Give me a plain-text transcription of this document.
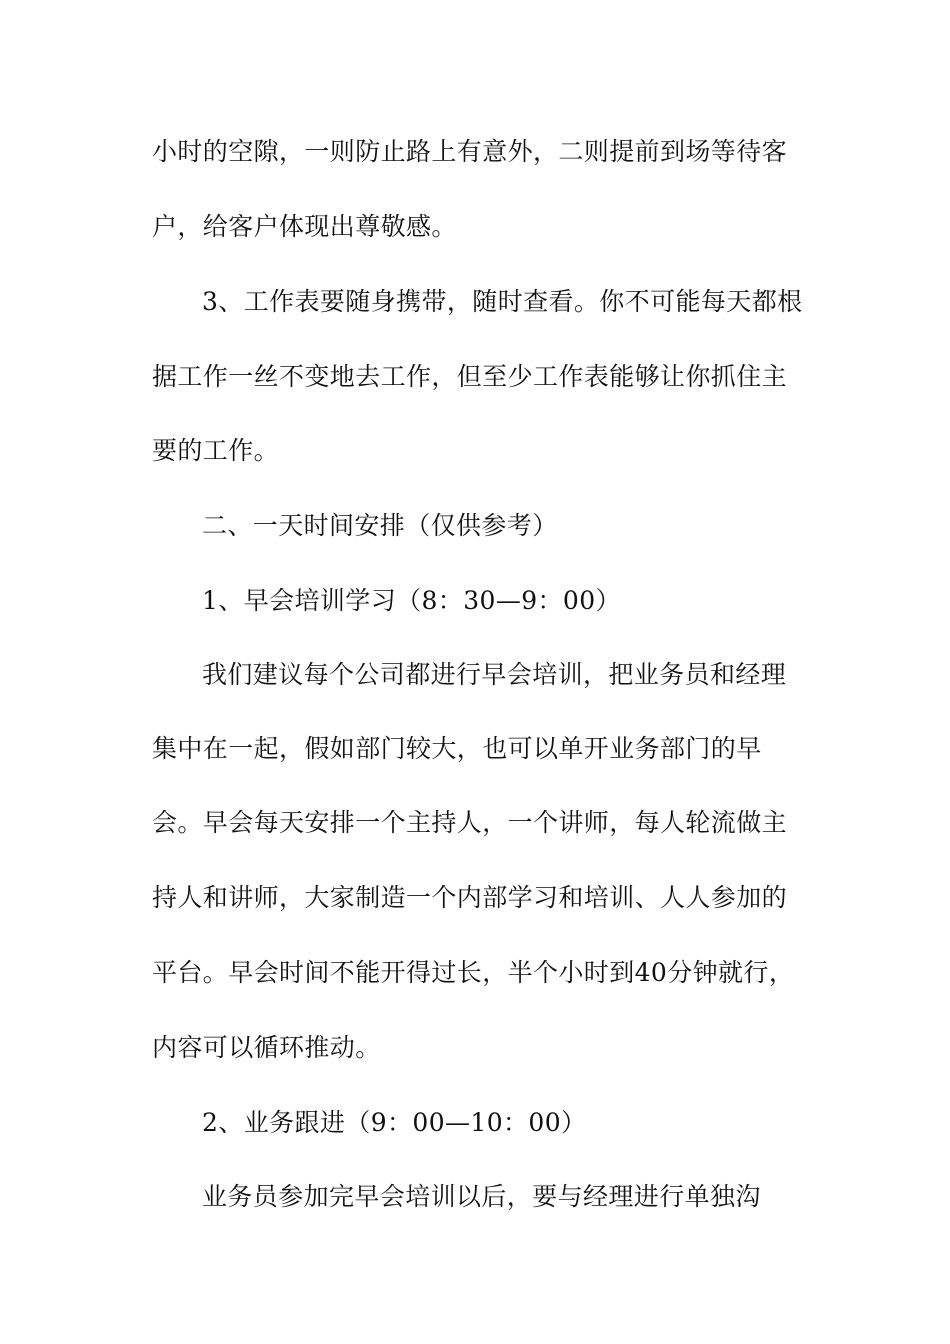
小时的空隙，一则防止路上有意外，二则提前到场等待客
户，给客户体现出尊敬感。
3、工作表要随身携带，随时查看。你不可能每天都根
据工作一丝不变地去工作，但至少工作表能够让你抓住主
要的工作。
二、一天时间安排（仅供参考）
1、早会培训学习（8：30—9：00）
我们建议每个公司都进行早会培训，把业务员和经理
集中在一起，假如部门较大，也可以单开业务部门的早
会。早会每天安排一个主持人，一个讲师，每人轮流做主
持人和讲师，大家制造一个内部学习和培训、人人参加的
平台。早会时间不能开得过长，半个小时到40分钟就行，
内容可以循环推动。
2、业务跟进（9：00—10：00）
业务员参加完早会培训以后，要与经理进行单独沟
